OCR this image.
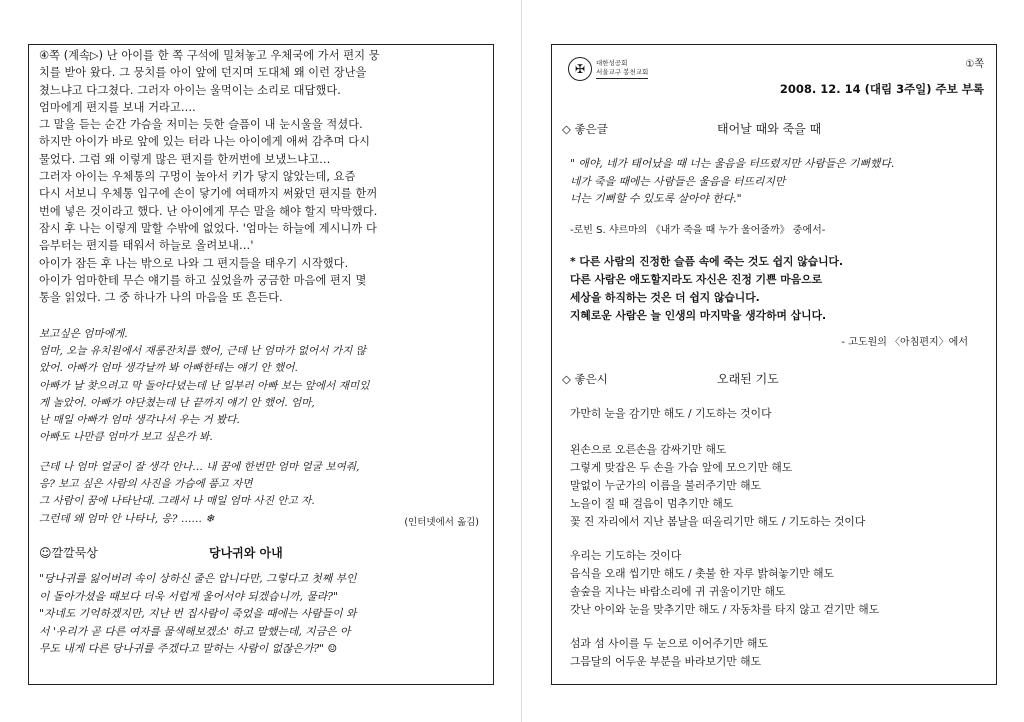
④쪽 (계속▷) 난 아이를 한 쪽 구석에 밀쳐놓고 우체국에 가서 편지 뭉
치를 받아 왔다. 그 뭉치를 아이 앞에 던지며 도대체 왜 이런 장난을
쳤느냐고 다그쳤다. 그러자 아이는 울먹이는 소리로 대답했다.
엄마에게 편지를 보내 거라고….
그 말을 듣는 순간 가슴을 저미는 듯한 슬픔이 내 눈시울을 적셨다.
하지만 아이가 바로 앞에 있는 터라 나는 아이에게 애써 감추며 다시
물었다. 그럼 왜 이렇게 많은 편지를 한꺼번에 보냈느냐고…
그러자 아이는 우체통의 구멍이 높아서 키가 닿지 않았는데, 요즘
다시 서보니 우체통 입구에 손이 닿기에 여태까지 써왔던 편지를 한꺼
번에 넣은 것이라고 했다. 난 아이에게 무슨 말을 해야 할지 막막했다.
잠시 후 나는 이렇게 말할 수밖에 없었다. '엄마는 하늘에 계시니까 다
음부터는 편지를 태워서 하늘로 올려보내…'
아이가 잠든 후 나는 밖으로 나와 그 편지들을 태우기 시작했다.
아이가 엄마한테 무슨 얘기를 하고 싶었을까 궁금한 마음에 편지 몇
통을 읽었다. 그 중 하나가 나의 마음을 또 흔든다.
보고싶은 엄마에게.
엄마, 오늘 유치원에서 재롱잔치를 했어, 근데 난 엄마가 없어서 가지 않
았어. 아빠가 엄마 생각날까 봐 아빠한테는 얘기 안 했어.
아빠가 날 찾으려고 막 돌아다녔는데 난 일부러 아빠 보는 앞에서 재미있
게 놀았어. 아빠가 야단쳤는데 난 끝까지 얘기 안 했어. 엄마,
난 매일 아빠가 엄마 생각나서 우는 거 봤다.
아빠도 나만큼 엄마가 보고 싶은가 봐.
근데 나 엄마 얼굴이 잘 생각 안나… 내 꿈에 한번만 엄마 얼굴 보여줘,
응? 보고 싶은 사람의 사진을 가슴에 품고 자면
그 사람이 꿈에 나타난대. 그래서 나 매일 엄마 사진 안고 자.
그런데 왜 엄마 안 나타나, 응? …… ❄	(인터넷에서 옮김)
☺깔깔묵상	당나귀와 아내
"당나귀를 잃어버려 속이 상하신 줄은 압니다만, 그렇다고 첫째 부인
이 돌아가셨을 때보다 더욱 서럽게 울어서야 되겠습니까, 물라?"
"자네도 기억하겠지만, 지난 번 집사람이 죽었을 때에는 사람들이 와
서 '우리가 곧 다른 여자를 물색해보겠소' 하고 말했는데, 지금은 아
무도 내게 다른 당나귀를 주겠다고 말하는 사람이 없잖은가?" ☺
✠	대한성공회
서울교구 봉천교회
①쪽
2008. 12. 14 (대림 3주일) 주보 부록
◇ 좋은글	태어날 때와 죽을 때
" 애야, 네가 태어났을 때 너는 울음을 터뜨렸지만 사람들은 기뻐했다.
네가 죽을 때에는 사람들은 울음을 터뜨리지만
너는 기뻐할 수 있도록 살아야 한다."
-로빈 S. 샤르마의 《내가 죽을 때 누가 울어줄까》 중에서-
* 다른 사람의 진정한 슬픔 속에 죽는 것도 쉽지 않습니다.
다른 사람은 애도할지라도 자신은 진정 기쁜 마음으로
세상을 하직하는 것은 더 쉽지 않습니다.
지혜로운 사람은 늘 인생의 마지막을 생각하며 삽니다.
- 고도원의 〈아침편지〉에서
◇ 좋은시	오래된 기도
가만히 눈을 감기만 해도 / 기도하는 것이다
왼손으로 오른손을 감싸기만 해도
그렇게 맞잡은 두 손을 가슴 앞에 모으기만 해도
말없이 누군가의 이름을 불러주기만 해도
노을이 질 때 걸음이 멈추기만 해도
꽃 진 자리에서 지난 봄날을 떠올리기만 해도 / 기도하는 것이다
우리는 기도하는 것이다
음식을 오래 씹기만 해도 / 촛불 한 자루 밝혀놓기만 해도
솔숲을 지나는 바람소리에 귀 귀울이기만 해도
갓난 아이와 눈을 맞추기만 해도 / 자동차를 타지 않고 걷기만 해도
섬과 섬 사이를 두 눈으로 이어주기만 해도
그믐달의 어두운 부분을 바라보기만 해도
